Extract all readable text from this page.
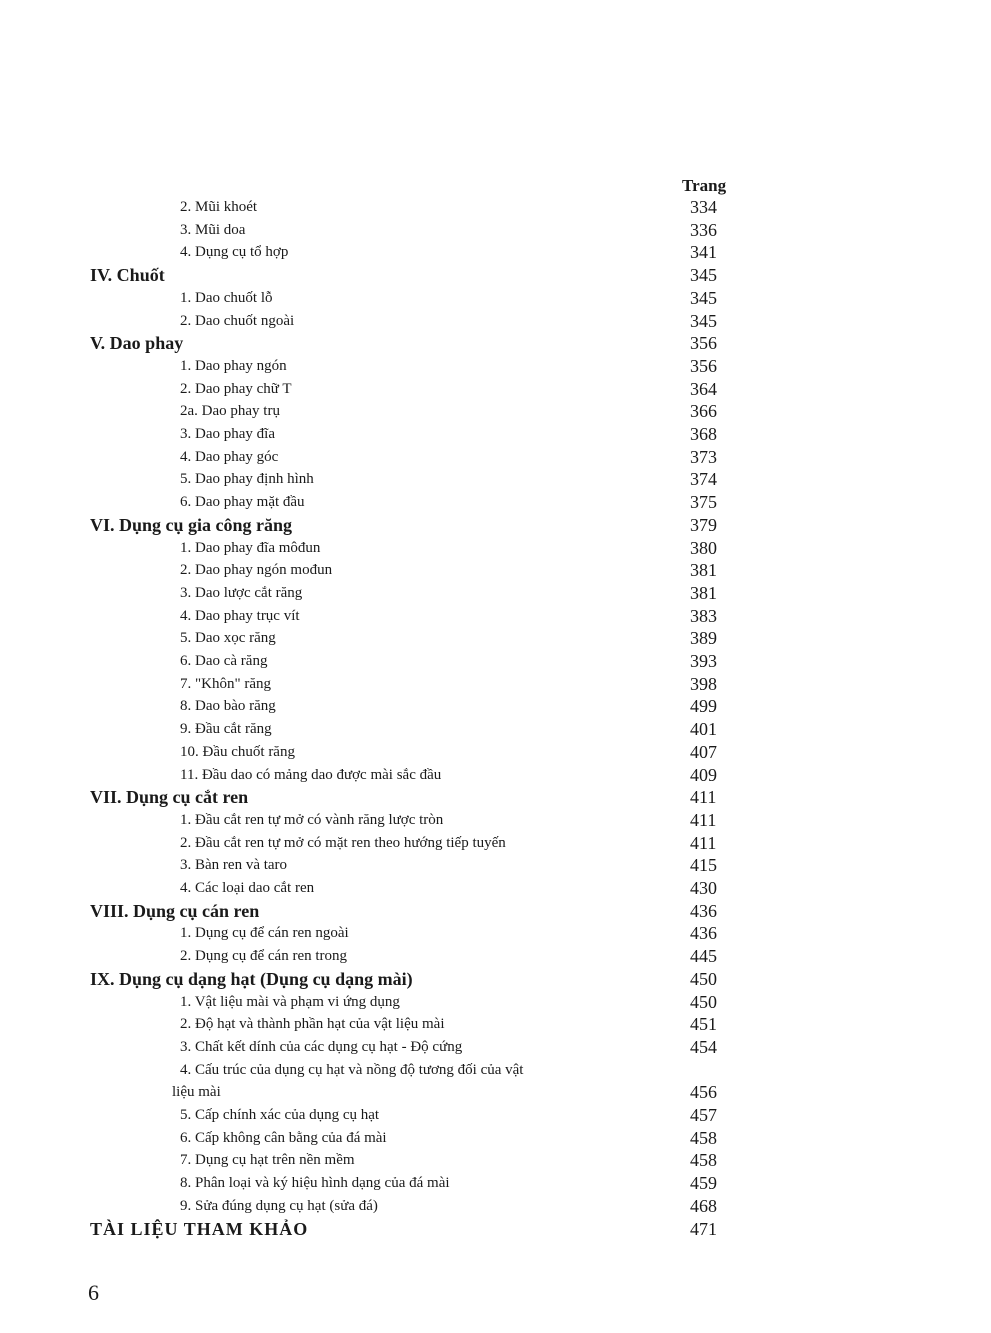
Trang
2. Mũi khoét	334
3. Mũi doa	336
4. Dụng cụ tổ hợp	341
IV. Chuốt	345
1. Dao chuốt lỗ	345
2. Dao chuốt ngoài	345
V. Dao phay	356
1. Dao phay ngón	356
2. Dao phay chữ T	364
2a. Dao phay trụ	366
3. Dao phay đĩa	368
4. Dao phay góc	373
5. Dao phay định hình	374
6. Dao phay mặt đầu	375
VI. Dụng cụ gia công răng	379
1. Dao phay đĩa môđun	380
2. Dao phay ngón mođun	381
3. Dao lược cắt răng	381
4. Dao phay trục vít	383
5. Dao xọc răng	389
6. Dao cà răng	393
7. "Khôn" răng	398
8. Dao bào răng	499
9. Đầu cắt răng	401
10. Đầu chuốt răng	407
11. Đầu dao có mảng dao được mài sắc đầu	409
VII. Dụng cụ cắt ren	411
1. Đầu cắt ren tự mở có vành răng lược tròn	411
2. Đầu cắt ren tự mở có mặt ren theo hướng tiếp tuyến	411
3. Bàn ren và taro	415
4. Các loại dao cắt ren	430
VIII. Dụng cụ cán ren	436
1. Dụng cụ để cán ren ngoài	436
2. Dụng cụ để cán ren trong	445
IX. Dụng cụ dạng hạt (Dụng cụ dạng mài)	450
1. Vật liệu mài và phạm vi ứng dụng	450
2. Độ hạt và thành phần hạt của vật liệu mài	451
3. Chất kết dính của các dụng cụ hạt - Độ cứng	454
4. Cấu trúc của dụng cụ hạt và nồng độ tương đối của vật
liệu mài	456
5. Cấp chính xác của dụng cụ hạt	457
6. Cấp không cân bằng của đá mài	458
7. Dụng cụ hạt trên nền mềm	458
8. Phân loại và ký hiệu hình dạng của đá mài	459
9. Sửa đúng dụng cụ hạt (sửa đá)	468
TÀI LIỆU THAM KHẢO	471
6
